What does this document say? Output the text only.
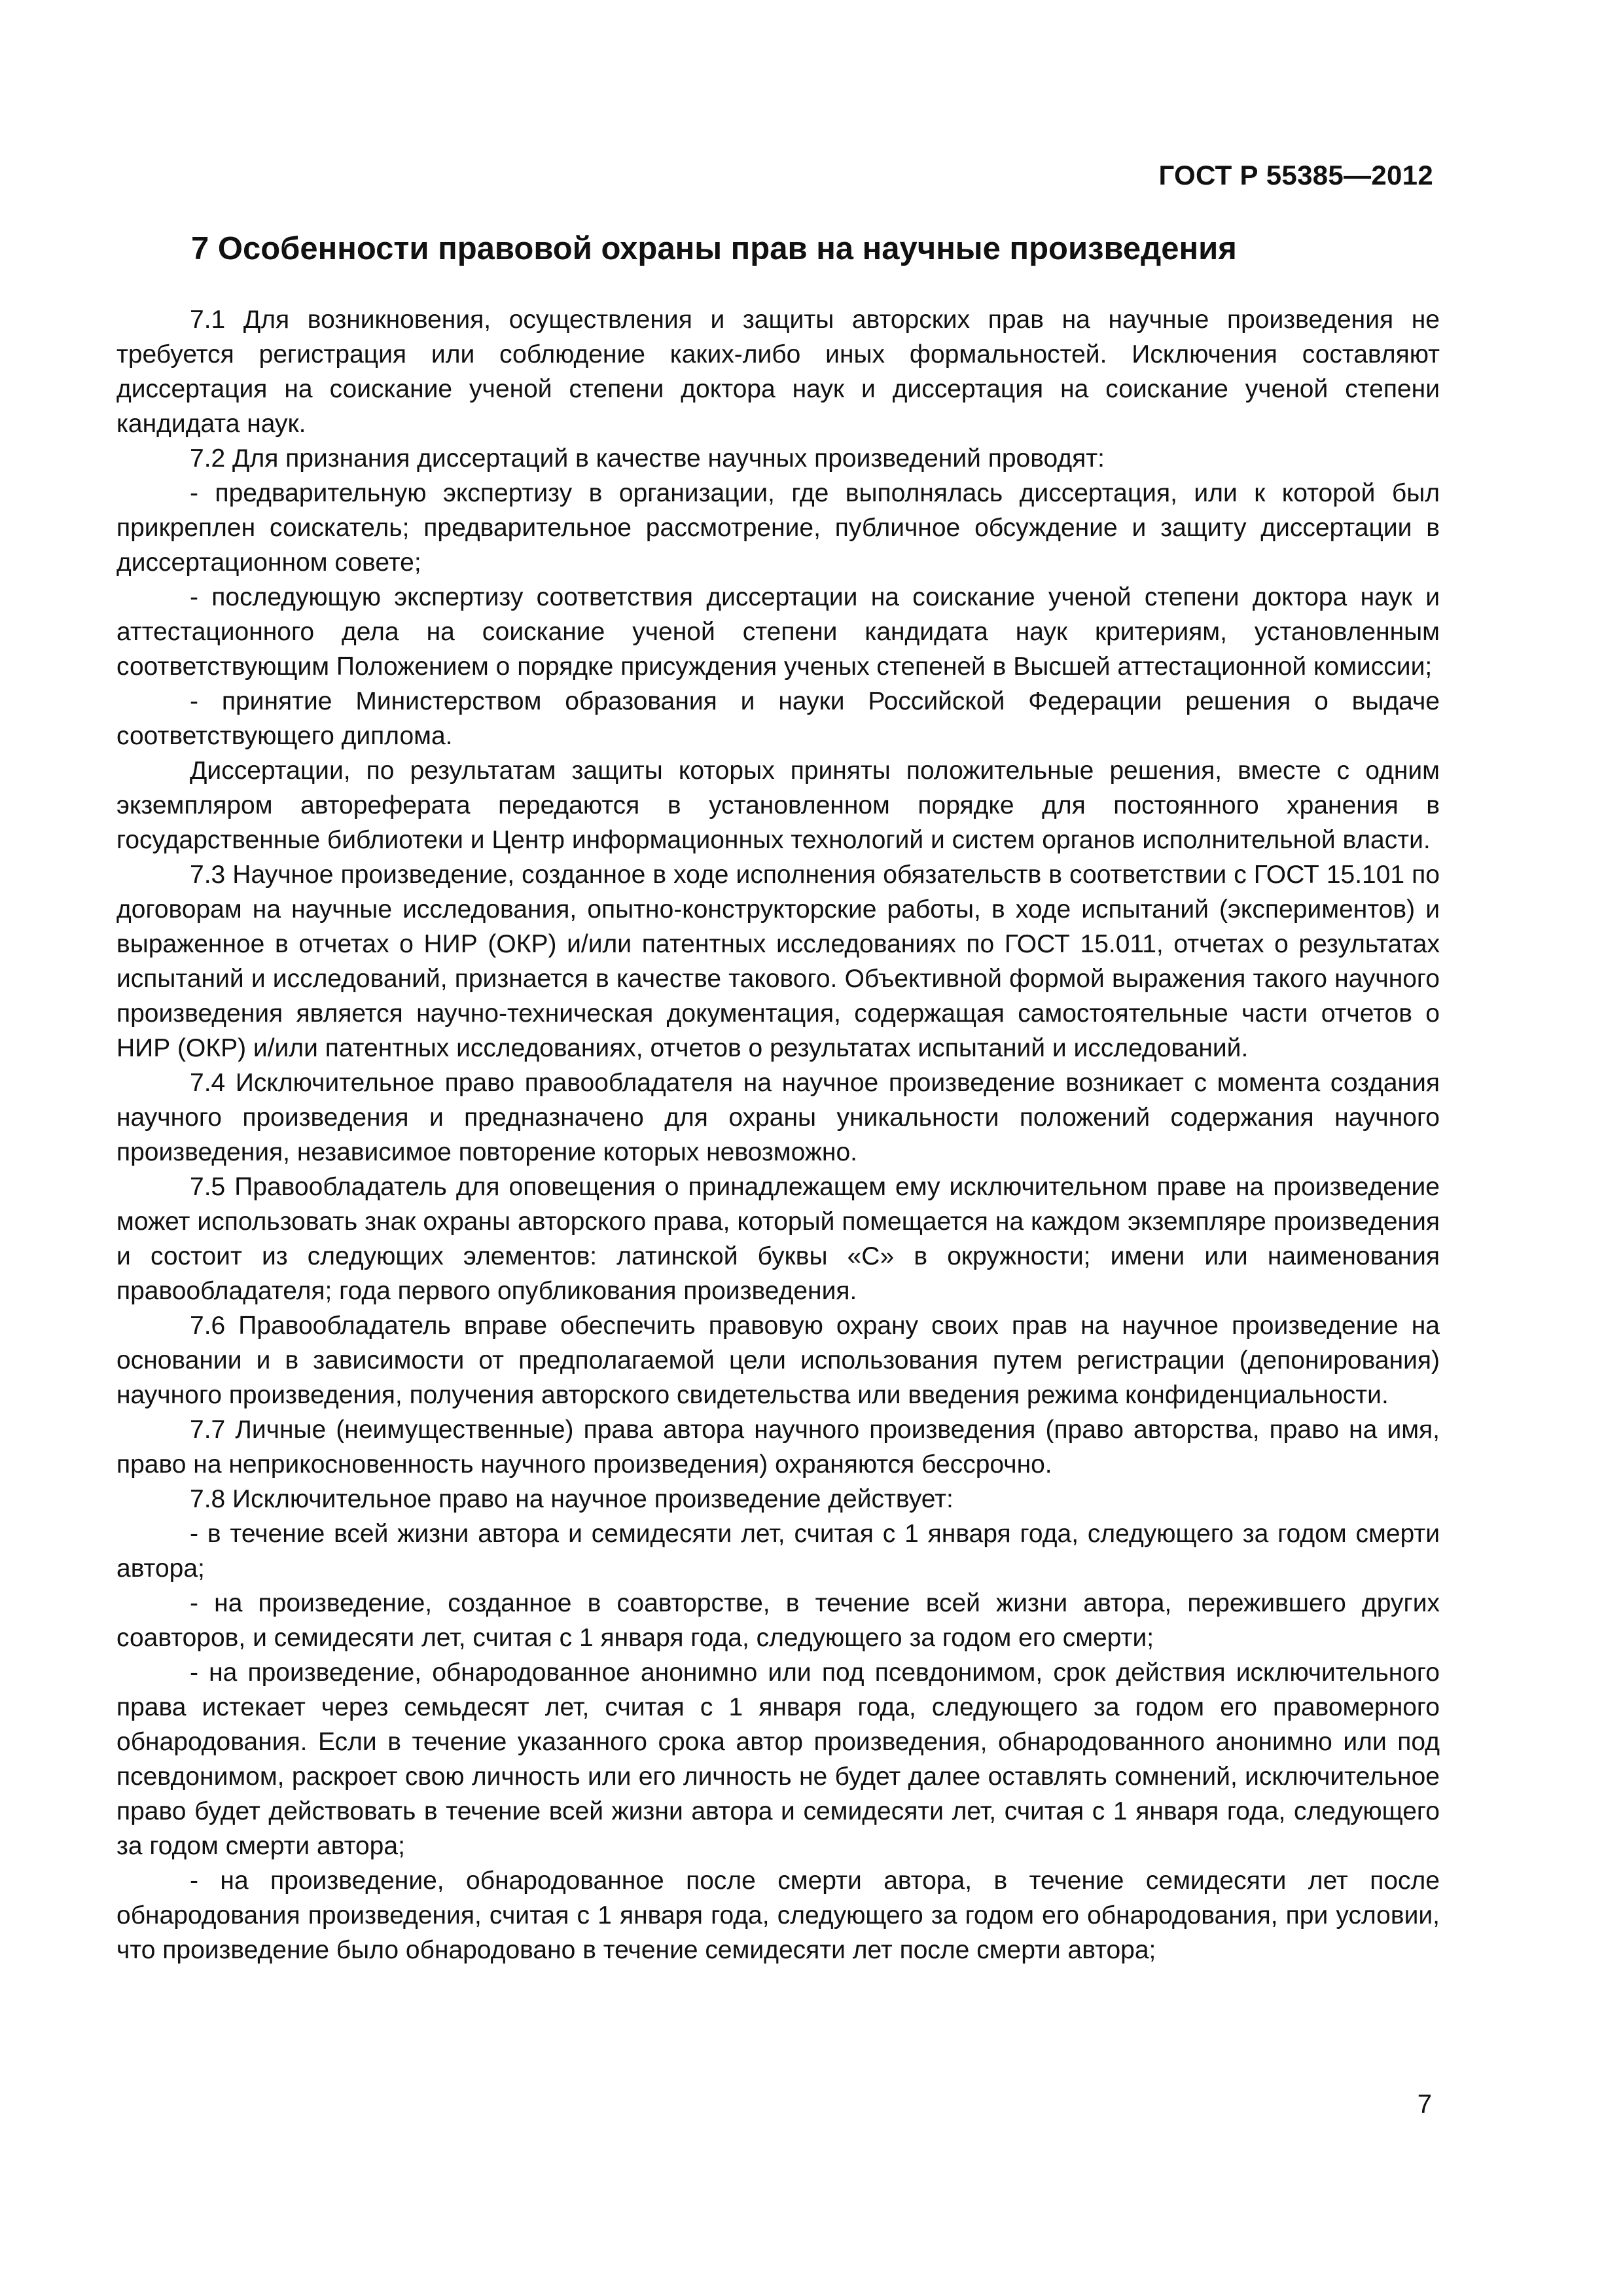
ГОСТ Р 55385—2012
7 Особенности правовой охраны прав на научные произведения

7.1 Для возникновения, осуществления и защиты авторских прав на научные произведения не требуется регистрация или соблюдение каких-либо иных формальностей. Исключения составляют диссертация на соискание ученой степени доктора наук и диссертация на соискание ученой степени кандидата наук.

7.2 Для признания диссертаций в качестве научных произведений проводят:

- предварительную экспертизу в организации, где выполнялась диссертация, или к которой был прикреплен соискатель; предварительное рассмотрение, публичное обсуждение и защиту диссертации в диссертационном совете;

- последующую экспертизу соответствия диссертации на соискание ученой степени доктора наук и аттестационного дела на соискание ученой степени кандидата наук критериям, установленным соответствующим Положением о порядке присуждения ученых степеней в Высшей аттестационной комиссии;

- принятие Министерством образования и науки Российской Федерации решения о выдаче соответствующего диплома.

Диссертации, по результатам защиты которых приняты положительные решения, вместе с одним экземпляром автореферата передаются в установленном порядке для постоянного хранения в государственные библиотеки и Центр информационных технологий и систем органов исполнительной власти.

7.3 Научное произведение, созданное в ходе исполнения обязательств в соответствии с ГОСТ 15.101 по договорам на научные исследования, опытно-конструкторские работы, в ходе испытаний (экспериментов) и выраженное в отчетах о НИР (ОКР) и/или патентных исследованиях по ГОСТ 15.011, отчетах о результатах испытаний и исследований, признается в качестве такового. Объективной формой выражения такого научного произведения является научно-техническая документация, содержащая самостоятельные части отчетов о НИР (ОКР) и/или патентных исследованиях, отчетов о результатах испытаний и исследований.

7.4 Исключительное право правообладателя на научное произведение возникает с момента создания научного произведения и предназначено для охраны уникальности положений содержания научного произведения, независимое повторение которых невозможно.

7.5 Правообладатель для оповещения о принадлежащем ему исключительном праве на произведение может использовать знак охраны авторского права, который помещается на каждом экземпляре произведения и состоит из следующих элементов: латинской буквы «C» в окружности; имени или наименования правообладателя; года первого опубликования произведения.

7.6 Правообладатель вправе обеспечить правовую охрану своих прав на научное произведение на основании и в зависимости от предполагаемой цели использования путем регистрации (депонирования) научного произведения, получения авторского свидетельства или введения режима конфиденциальности.

7.7 Личные (неимущественные) права автора научного произведения (право авторства, право на имя, право на неприкосновенность научного произведения) охраняются бессрочно.

7.8 Исключительное право на научное произведение действует:

- в течение всей жизни автора и семидесяти лет, считая с 1 января года, следующего за годом смерти автора;

- на произведение, созданное в соавторстве, в течение всей жизни автора, пережившего других соавторов, и семидесяти лет, считая с 1 января года, следующего за годом его смерти;

- на произведение, обнародованное анонимно или под псевдонимом, срок действия исключительного права истекает через семьдесят лет, считая с 1 января года, следующего за годом его правомерного обнародования. Если в течение указанного срока автор произведения, обнародованного анонимно или под псевдонимом, раскроет свою личность или его личность не будет далее оставлять сомнений, исключительное право будет действовать в течение всей жизни автора и семидесяти лет, считая с 1 января года, следующего за годом смерти автора;

- на произведение, обнародованное после смерти автора, в течение семидесяти лет после обнародования произведения, считая с 1 января года, следующего за годом его обнародования, при условии, что произведение было обнародовано в течение семидесяти лет после смерти автора;

7
